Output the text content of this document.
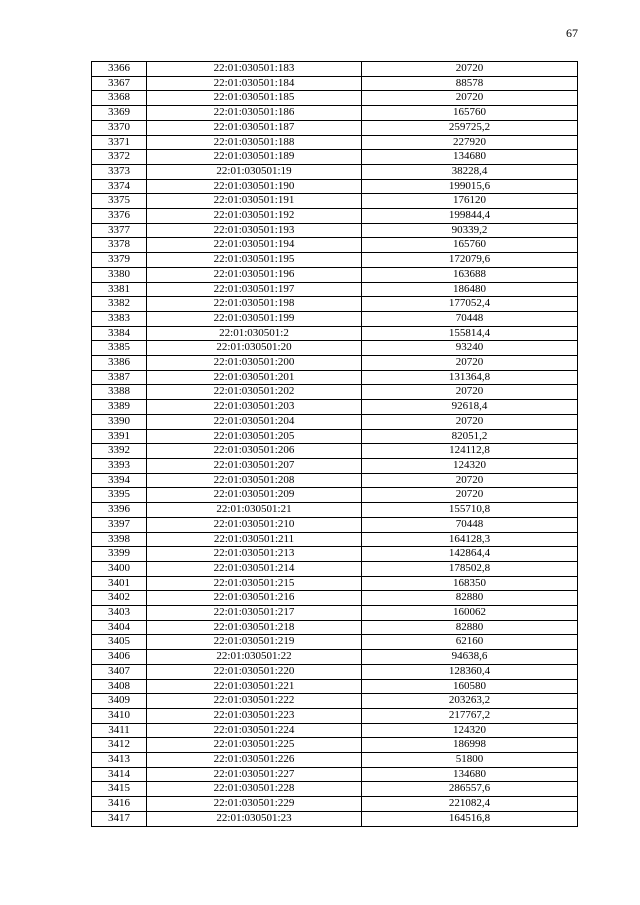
67
3366	22:01:030501:183	20720
3367	22:01:030501:184	88578
3368	22:01:030501:185	20720
3369	22:01:030501:186	165760
3370	22:01:030501:187	259725,2
3371	22:01:030501:188	227920
3372	22:01:030501:189	134680
3373	22:01:030501:19	38228,4
3374	22:01:030501:190	199015,6
3375	22:01:030501:191	176120
3376	22:01:030501:192	199844,4
3377	22:01:030501:193	90339,2
3378	22:01:030501:194	165760
3379	22:01:030501:195	172079,6
3380	22:01:030501:196	163688
3381	22:01:030501:197	186480
3382	22:01:030501:198	177052,4
3383	22:01:030501:199	70448
3384	22:01:030501:2	155814,4
3385	22:01:030501:20	93240
3386	22:01:030501:200	20720
3387	22:01:030501:201	131364,8
3388	22:01:030501:202	20720
3389	22:01:030501:203	92618,4
3390	22:01:030501:204	20720
3391	22:01:030501:205	82051,2
3392	22:01:030501:206	124112,8
3393	22:01:030501:207	124320
3394	22:01:030501:208	20720
3395	22:01:030501:209	20720
3396	22:01:030501:21	155710,8
3397	22:01:030501:210	70448
3398	22:01:030501:211	164128,3
3399	22:01:030501:213	142864,4
3400	22:01:030501:214	178502,8
3401	22:01:030501:215	168350
3402	22:01:030501:216	82880
3403	22:01:030501:217	160062
3404	22:01:030501:218	82880
3405	22:01:030501:219	62160
3406	22:01:030501:22	94638,6
3407	22:01:030501:220	128360,4
3408	22:01:030501:221	160580
3409	22:01:030501:222	203263,2
3410	22:01:030501:223	217767,2
3411	22:01:030501:224	124320
3412	22:01:030501:225	186998
3413	22:01:030501:226	51800
3414	22:01:030501:227	134680
3415	22:01:030501:228	286557,6
3416	22:01:030501:229	221082,4
3417	22:01:030501:23	164516,8
